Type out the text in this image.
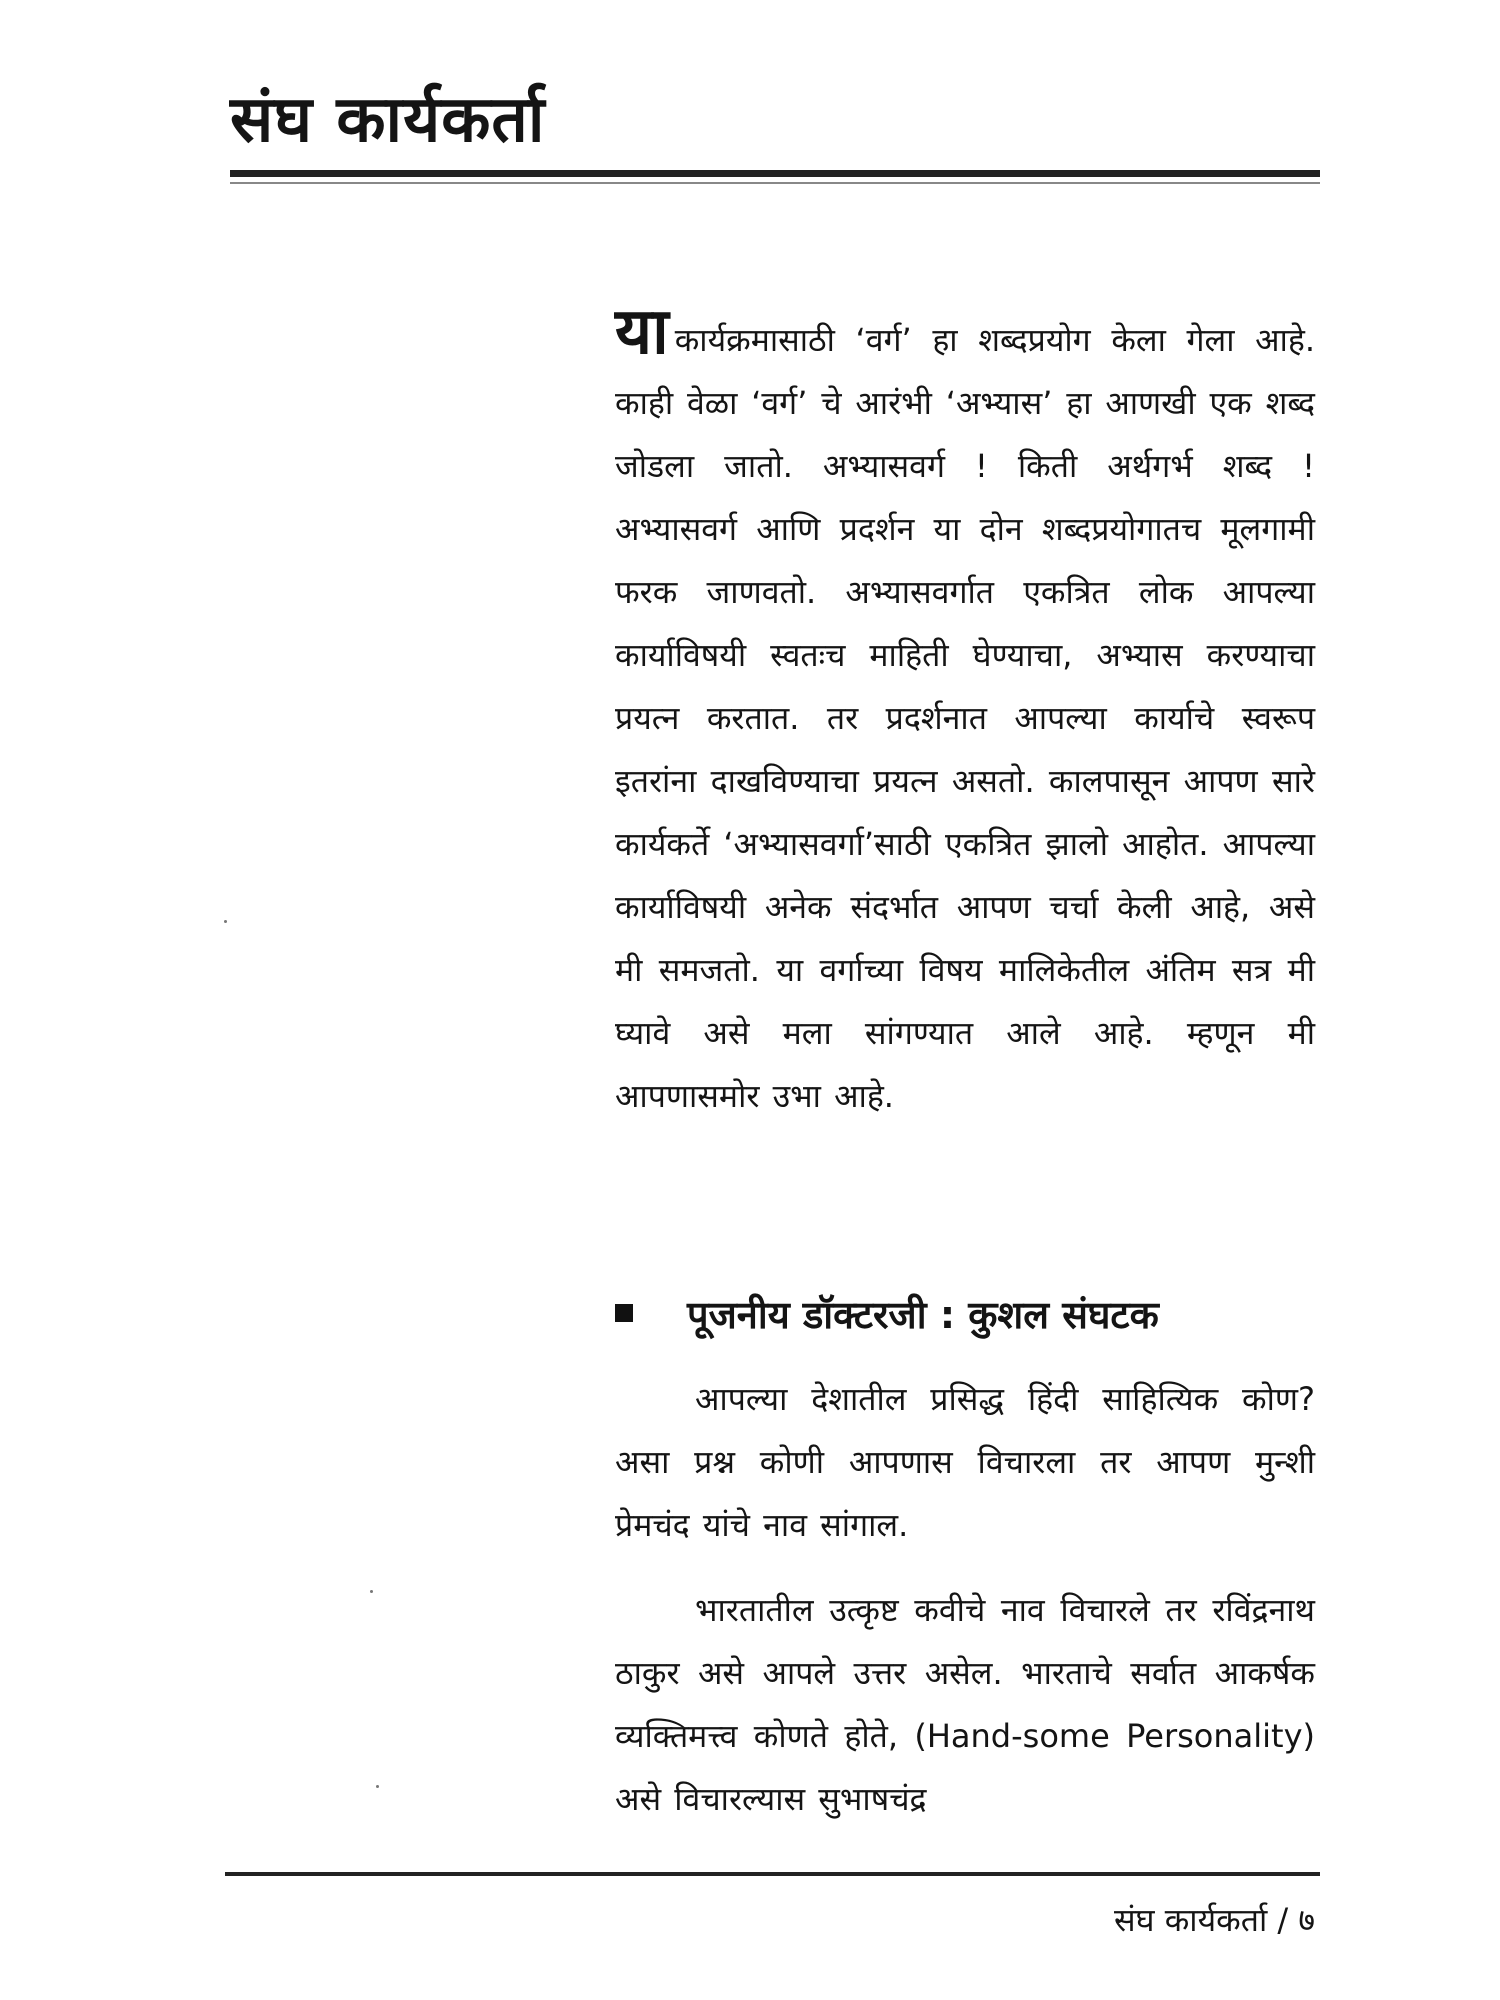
संघ कार्यकर्ता

याकार्यक्रमासाठी ‘वर्ग’ हा शब्दप्रयोग केला गेला आहे. काही वेळा ‘वर्ग’ चे आरंभी ‘अभ्यास’ हा आणखी एक शब्द जोडला जातो. अभ्यासवर्ग ! किती अर्थगर्भ शब्द ! अभ्यासवर्ग आणि प्रदर्शन या दोन शब्दप्रयोगातच मूलगामी फरक जाणवतो. अभ्यासवर्गात एकत्रित लोक आपल्या कार्याविषयी स्वतःच माहिती घेण्याचा, अभ्यास करण्याचा प्रयत्न करतात. तर प्रदर्शनात आपल्या कार्याचे स्वरूप इतरांना दाखविण्याचा प्रयत्न असतो. कालपासून आपण सारे कार्यकर्ते ‘अभ्यासवर्गा’साठी एकत्रित झालो आहोत. आपल्या कार्याविषयी अनेक संदर्भात आपण चर्चा केली आहे, असे मी समजतो. या वर्गाच्या विषय मालिकेतील अंतिम सत्र मी घ्यावे असे मला सांगण्यात आले आहे. म्हणून मी आपणासमोर उभा आहे.

पूजनीय डॉक्टरजी : कुशल संघटक

आपल्या देशातील प्रसिद्ध हिंदी साहित्यिक कोण? असा प्रश्न कोणी आपणास विचारला तर आपण मुन्शी प्रेमचंद यांचे नाव सांगाल.

भारतातील उत्कृष्ट कवीचे नाव विचारले तर रविंद्रनाथ ठाकुर असे आपले उत्तर असेल. भारताचे सर्वात आकर्षक व्यक्तिमत्त्व कोणते होते, (Hand-some Personality) असे विचारल्यास सुभाषचंद्र

संघ कार्यकर्ता / ७
